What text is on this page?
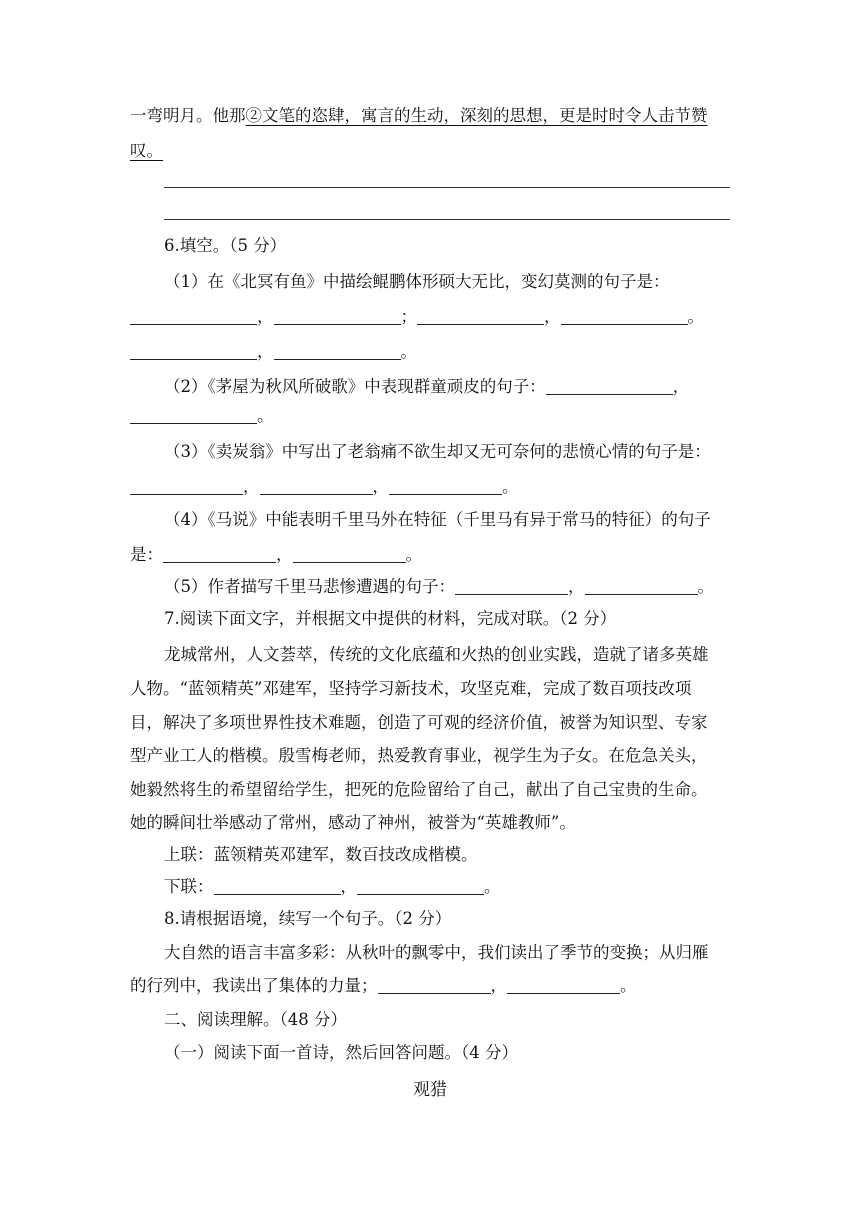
一弯明月。他那②文笔的恣肆，寓言的生动，深刻的思想，更是时时令人击节赞
叹。
6.填空。（5 分）
（1）在《北冥有鱼》中描绘鲲鹏体形硕大无比，变幻莫测的句子是：
，	；	，	。
，	。
（2）《茅屋为秋风所破歌》中表现群童顽皮的句子：	，
。
（3）《卖炭翁》中写出了老翁痛不欲生却又无可奈何的悲愤心情的句子是：
，	，	。
（4）《马说》中能表明千里马外在特征（千里马有异于常马的特征）的句子
是：	，	。
（5）作者描写千里马悲惨遭遇的句子：	，	。
7.阅读下面文字，并根据文中提供的材料，完成对联。（2 分）
龙城常州，人文荟萃，传统的文化底蕴和火热的创业实践，造就了诸多英雄
人物。“蓝领精英”邓建军，坚持学习新技术，攻坚克难，完成了数百项技改项
目，解决了多项世界性技术难题，创造了可观的经济价值，被誉为知识型、专家
型产业工人的楷模。殷雪梅老师，热爱教育事业，视学生为子女。在危急关头，
她毅然将生的希望留给学生，把死的危险留给了自己，献出了自己宝贵的生命。
她的瞬间壮举感动了常州，感动了神州，被誉为“英雄教师”。
上联：蓝领精英邓建军，数百技改成楷模。
下联：	，	。
8.请根据语境，续写一个句子。（2 分）
大自然的语言丰富多彩：从秋叶的飘零中，我们读出了季节的变换；从归雁
的行列中，我读出了集体的力量；	，	。
二、阅读理解。（48 分）
（一）阅读下面一首诗，然后回答问题。（4 分）
观猎
